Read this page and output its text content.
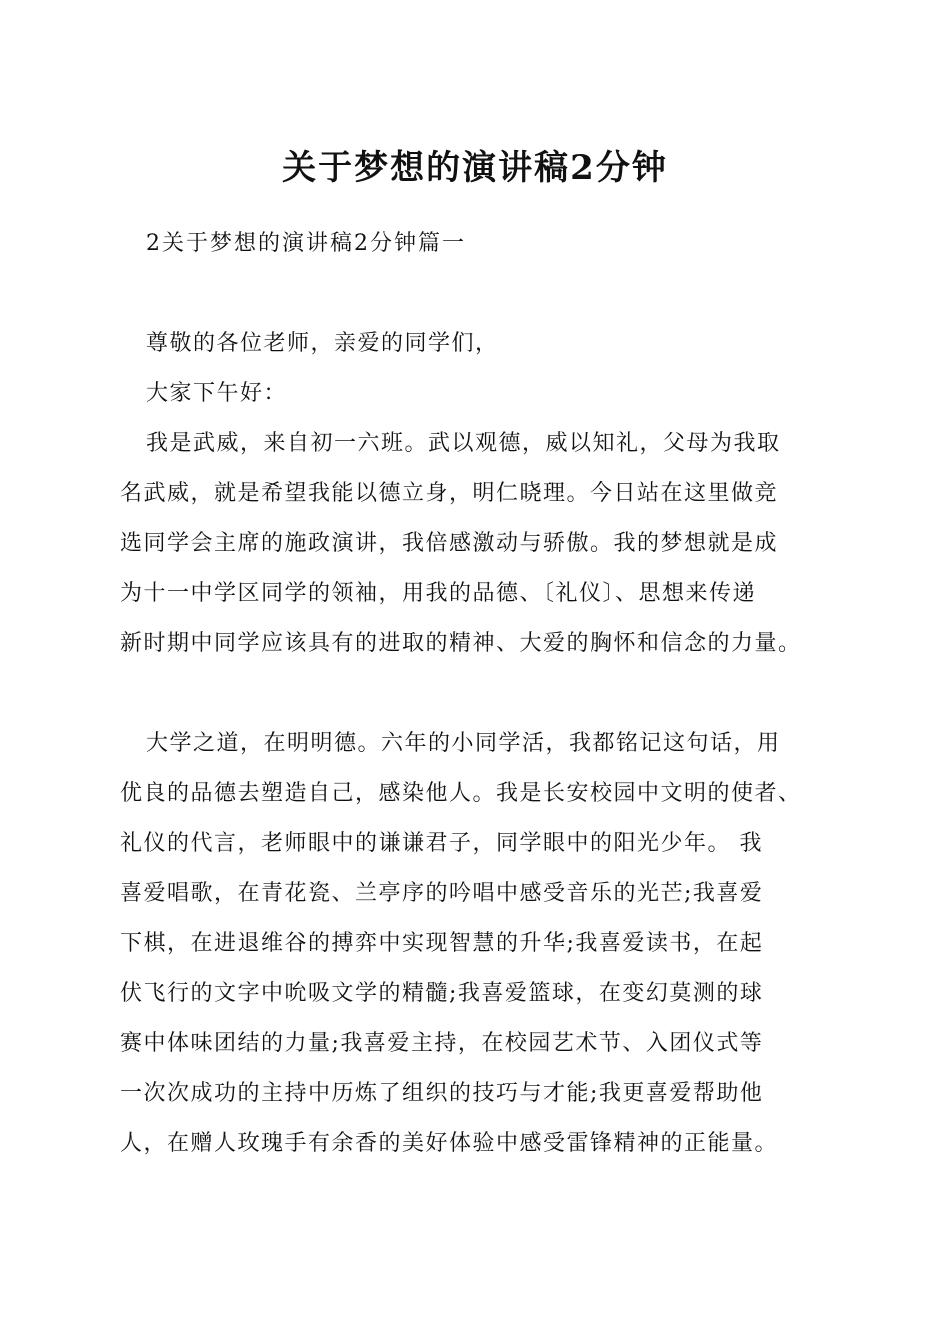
关于梦想的演讲稿2分钟
2关于梦想的演讲稿2分钟篇一
尊敬的各位老师，亲爱的同学们，
大家下午好：
我是武威，来自初一六班。武以观德，威以知礼，父母为我取
名武威，就是希望我能以德立身，明仁晓理。今日站在这里做竞
选同学会主席的施政演讲，我倍感激动与骄傲。我的梦想就是成
为十一中学区同学的领袖，用我的品德、〔礼仪〕、思想来传递
新时期中同学应该具有的进取的精神、大爱的胸怀和信念的力量。
大学之道，在明明德。六年的小同学活，我都铭记这句话，用
优良的品德去塑造自己，感染他人。我是长安校园中文明的使者、
礼仪的代言，老师眼中的谦谦君子，同学眼中的阳光少年。 我
喜爱唱歌，在青花瓷、兰亭序的吟唱中感受音乐的光芒;我喜爱
下棋，在进退维谷的搏弈中实现智慧的升华;我喜爱读书，在起
伏飞行的文字中吮吸文学的精髓;我喜爱篮球，在变幻莫测的球
赛中体味团结的力量;我喜爱主持，在校园艺术节、入团仪式等
一次次成功的主持中历炼了组织的技巧与才能;我更喜爱帮助他
人，在赠人玫瑰手有余香的美好体验中感受雷锋精神的正能量。
